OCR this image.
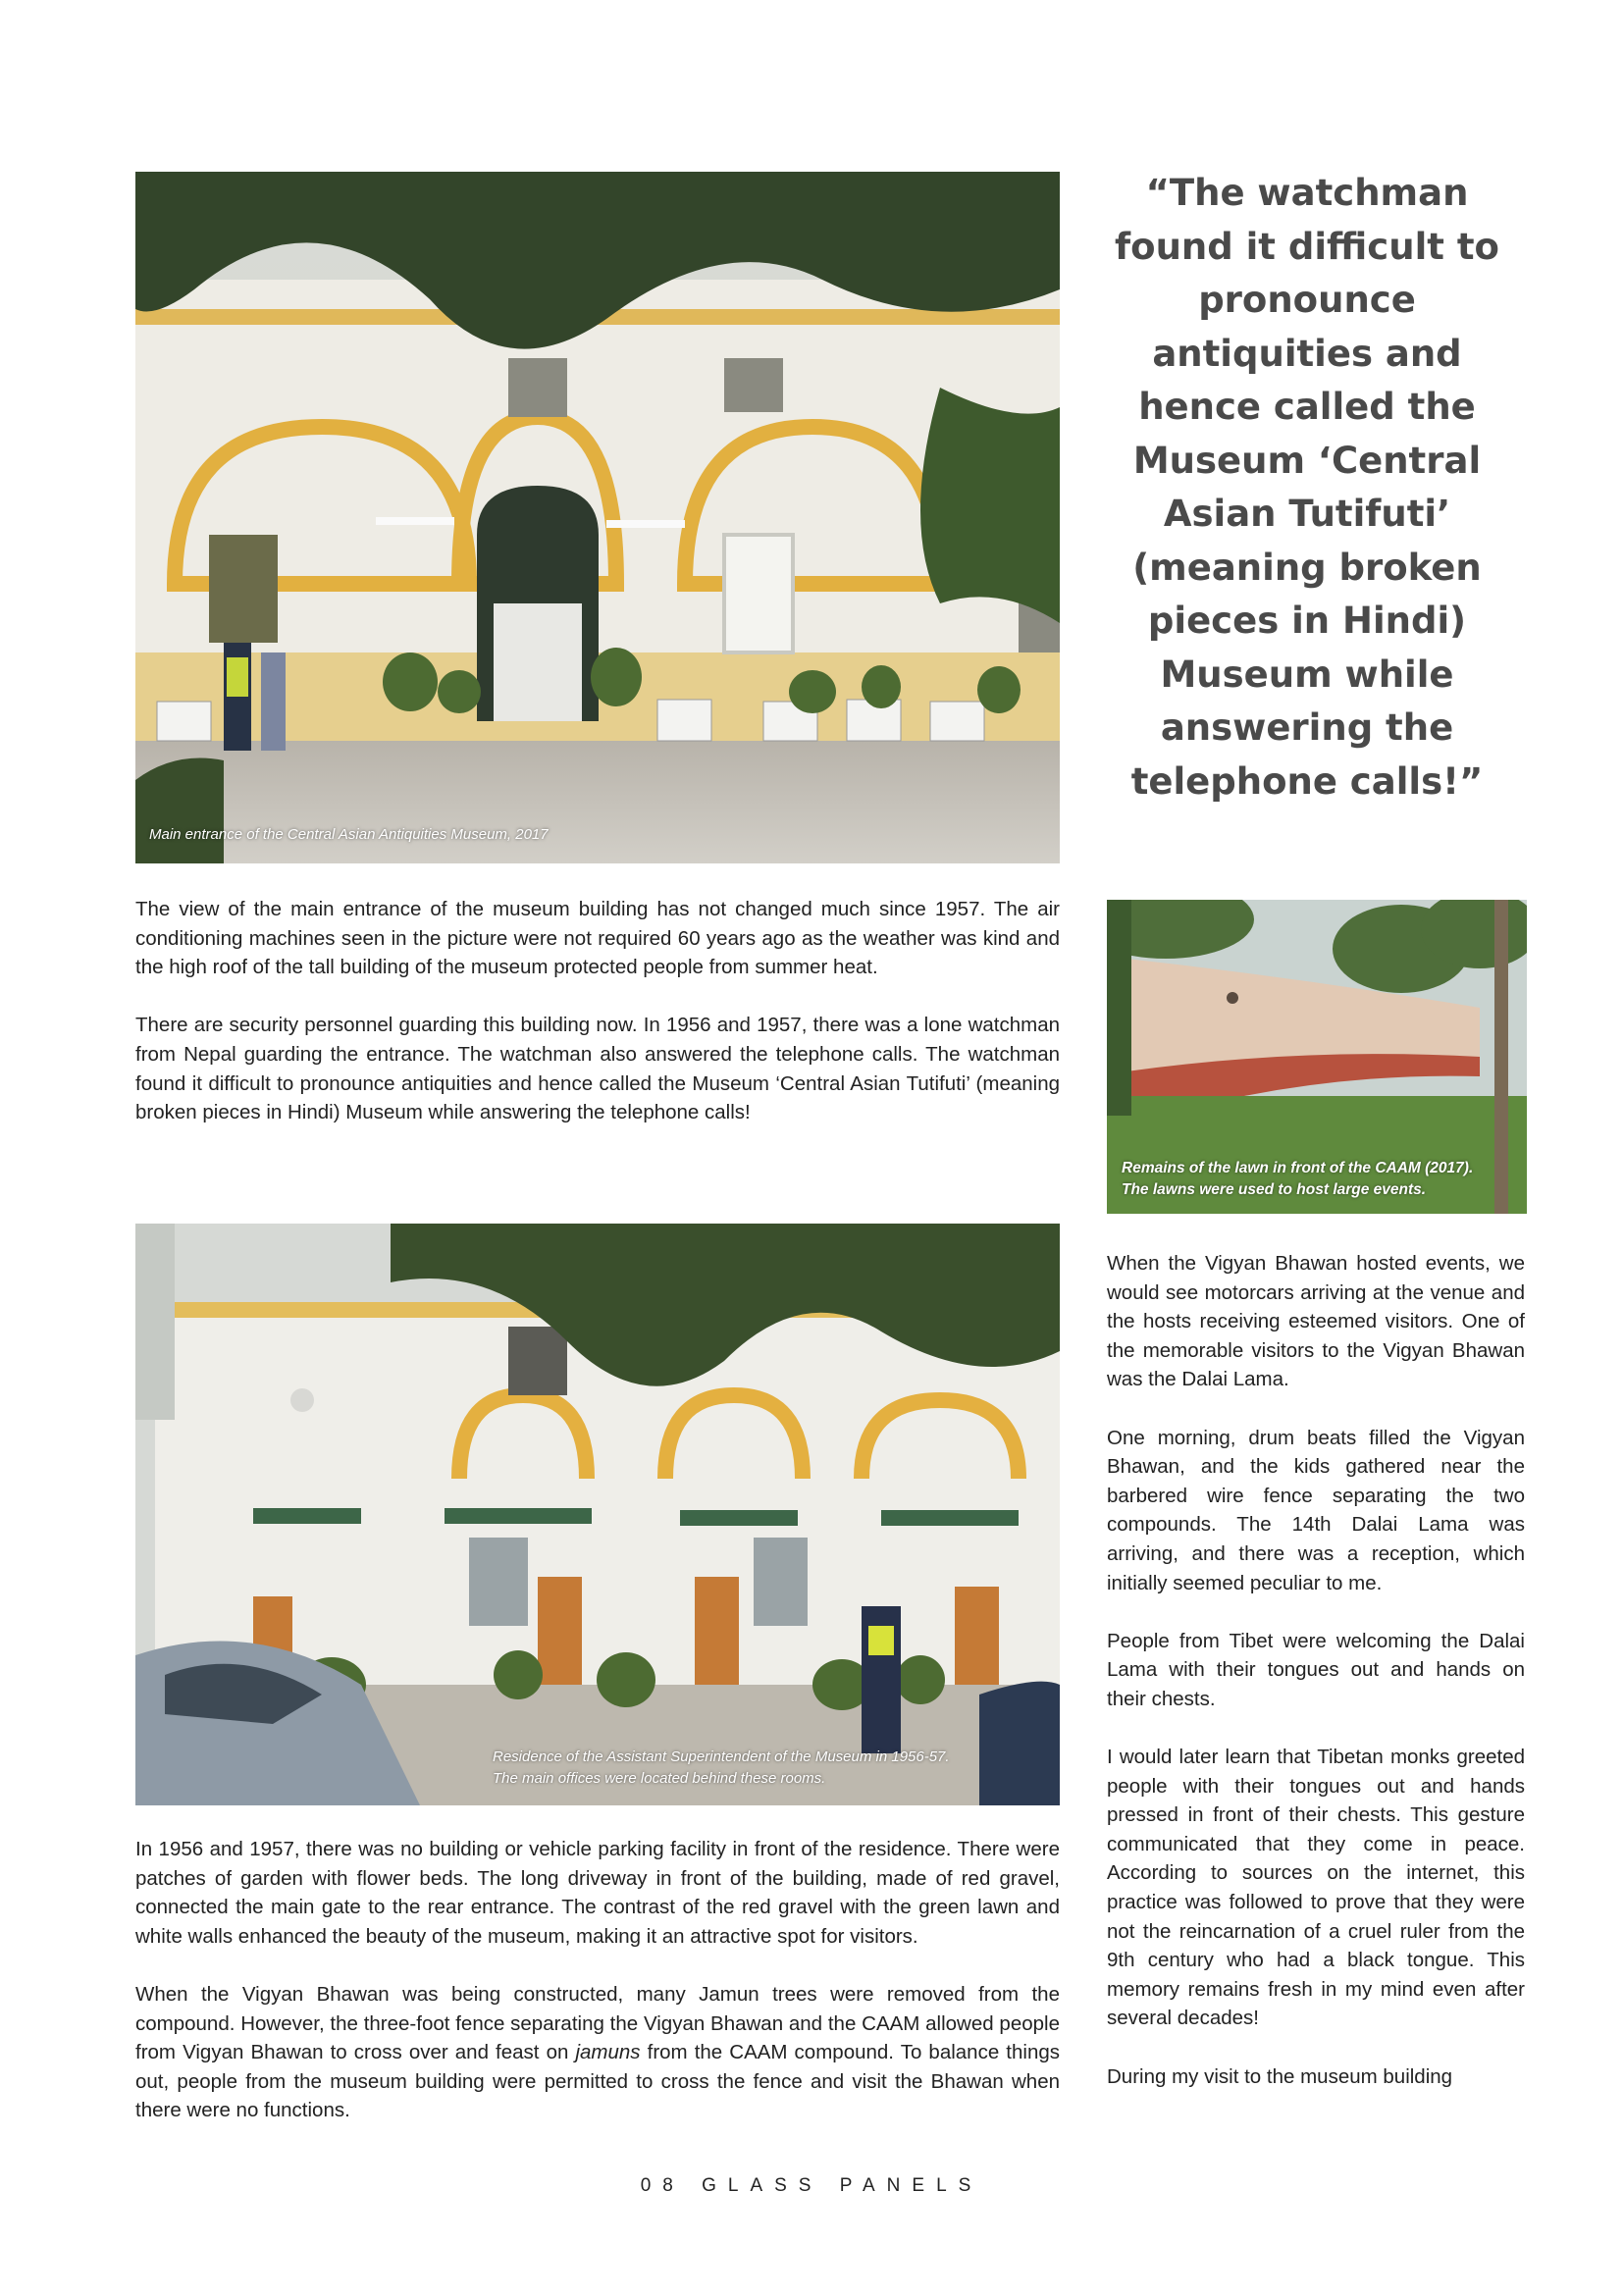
Main entrance of the Central Asian Antiquities Museum, 2017
“The watchman found it difficult to pronounce antiquities and hence called the Museum ‘Central Asian Tutifuti’ (meaning broken pieces in Hindi) Museum while answering the telephone calls!”

The view of the main entrance of the museum building has not changed much since 1957. The air conditioning machines seen in the picture were not required 60 years ago as the weather was kind and the high roof of the tall building of the museum protected people from summer heat.

There are security personnel guarding this building now. In 1956 and 1957, there was a lone watchman from Nepal guarding the entrance. The watchman also answered the telephone calls. The watchman found it difficult to pronounce antiquities and hence called the Museum ‘Central Asian Tutifuti’ (meaning broken pieces in Hindi) Museum while answering the telephone calls!

Remains of the lawn in front of the CAAM (2017).
The lawns were used to host large events.
Residence of the Assistant Superintendent of the Museum in 1956-57.
The main offices were located behind these rooms.

In 1956 and 1957, there was no building or vehicle parking facility in front of the residence. There were patches of garden with flower beds. The long driveway in front of the building, made of red gravel, connected the main gate to the rear entrance. The contrast of the red gravel with the green lawn and white walls enhanced the beauty of the museum, making it an attractive spot for visitors.

When the Vigyan Bhawan was being constructed, many Jamun trees were removed from the compound. However, the three-foot fence separating the Vigyan Bhawan and the CAAM allowed people from Vigyan Bhawan to cross over and feast on jamuns from the CAAM compound. To balance things out, people from the museum building were permitted to cross the fence and visit the Bhawan when there were no functions.

When the Vigyan Bhawan hosted events, we would see motorcars arriving at the venue and the hosts receiving esteemed visitors. One of the memorable visitors to the Vigyan Bhawan was the Dalai Lama.

One morning, drum beats filled the Vigyan Bhawan, and the kids gathered near the barbered wire fence separating the two compounds. The 14th Dalai Lama was arriving, and there was a reception, which initially seemed peculiar to me.

People from Tibet were welcoming the Dalai Lama with their tongues out and hands on their chests.

I would later learn that Tibetan monks greeted people with their tongues out and hands pressed in front of their chests. This gesture communicated that they come in peace. According to sources on the internet, this practice was followed to prove that they were not the reincarnation of a cruel ruler from the 9th century who had a black tongue. This memory remains fresh in my mind even after several decades!

During my visit to the museum building

08 GLASS PANELS
